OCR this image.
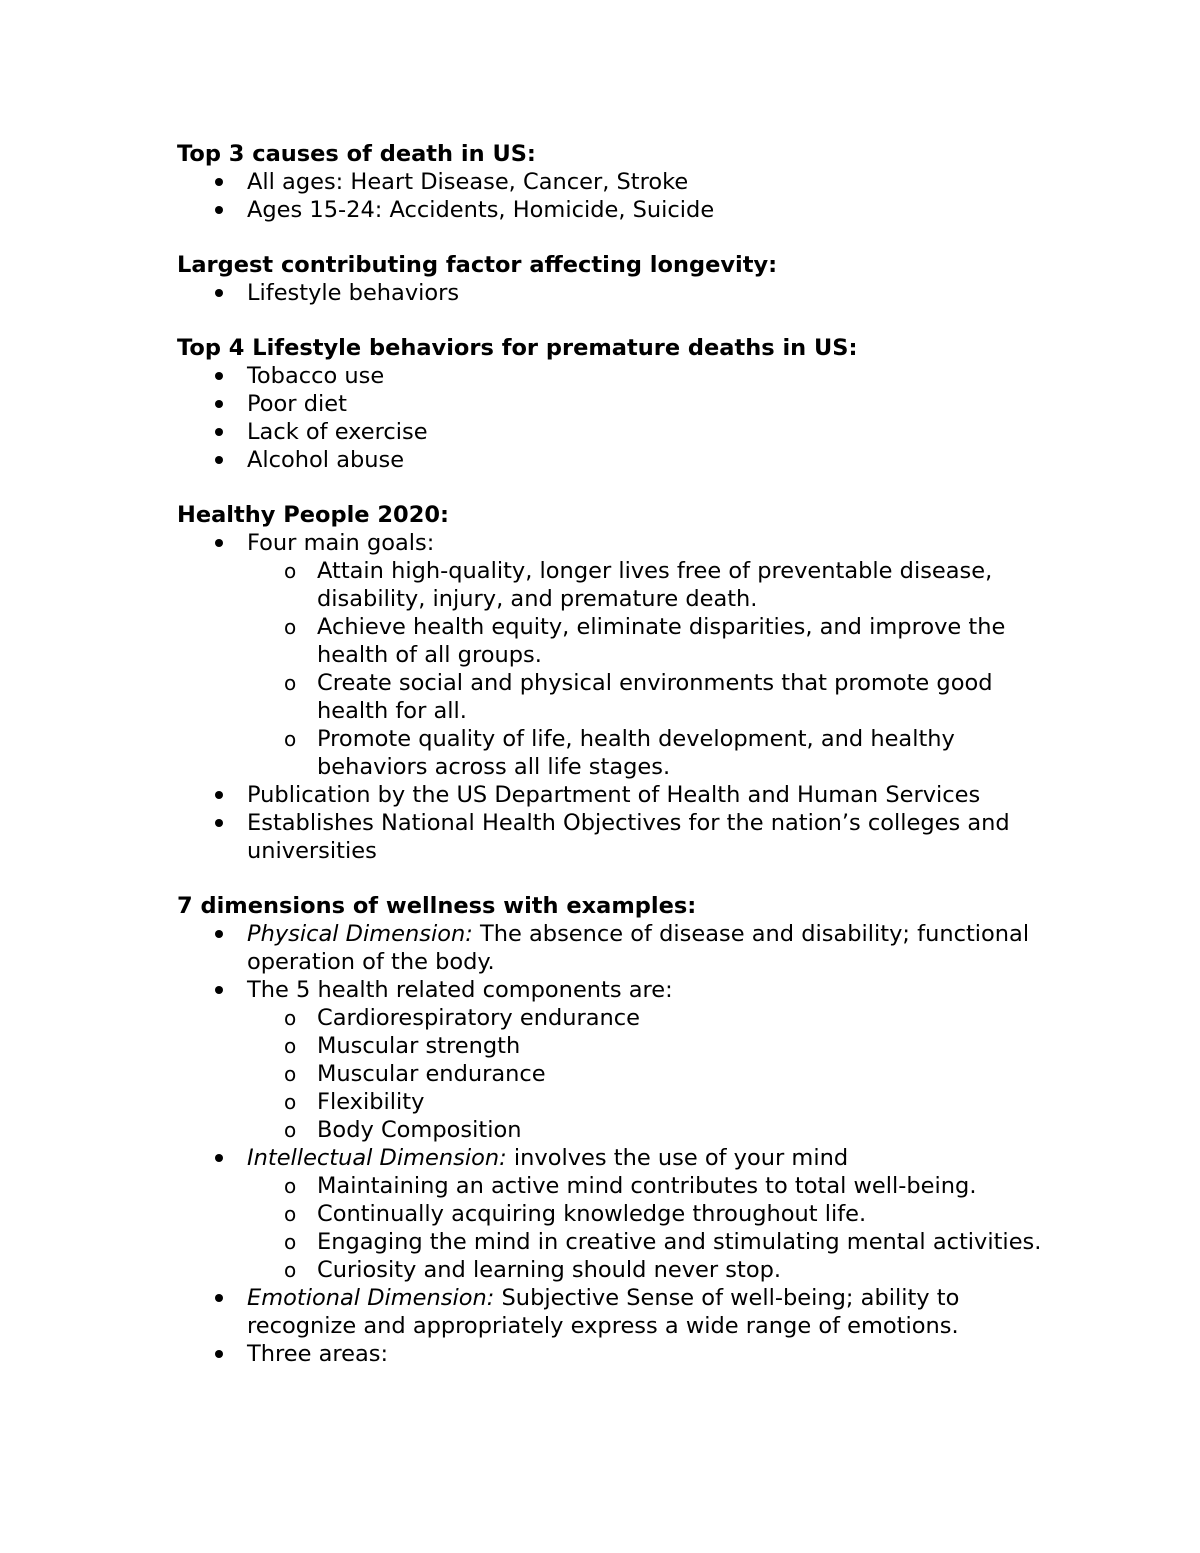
Top 3 causes of death in US:
All ages: Heart Disease, Cancer, Stroke
Ages 15-24: Accidents, Homicide, Suicide
Largest contributing factor affecting longevity:
Lifestyle behaviors
Top 4 Lifestyle behaviors for premature deaths in US:
Tobacco use
Poor diet
Lack of exercise
Alcohol abuse
Healthy People 2020:
Four main goals:
o Attain high-quality, longer lives free of preventable disease, disability, injury, and premature death.
o Achieve health equity, eliminate disparities, and improve the health of all groups.
o Create social and physical environments that promote good health for all.
o Promote quality of life, health development, and healthy behaviors across all life stages.
Publication by the US Department of Health and Human Services
Establishes National Health Objectives for the nation’s colleges and universities
7 dimensions of wellness with examples:
Physical Dimension: The absence of disease and disability; functional operation of the body.
The 5 health related components are:
o Cardiorespiratory endurance
o Muscular strength
o Muscular endurance
o Flexibility
o Body Composition
Intellectual Dimension: involves the use of your mind
o Maintaining an active mind contributes to total well-being.
o Continually acquiring knowledge throughout life.
o Engaging the mind in creative and stimulating mental activities.
o Curiosity and learning should never stop.
Emotional Dimension: Subjective Sense of well-being; ability to recognize and appropriately express a wide range of emotions.
Three areas:
